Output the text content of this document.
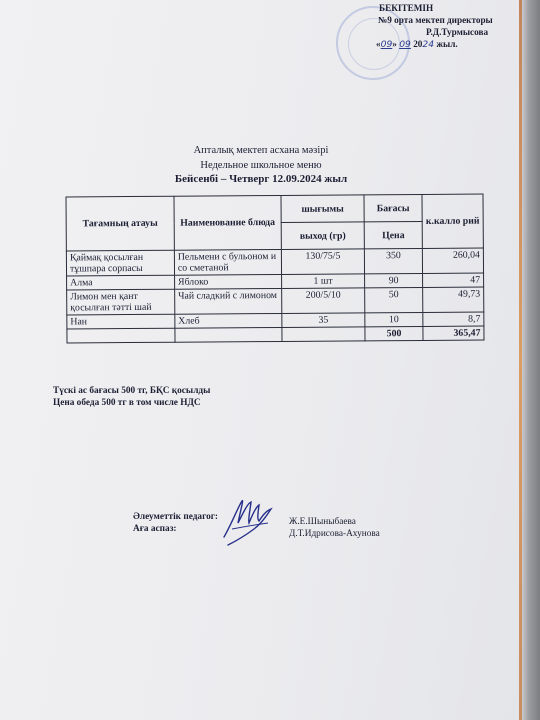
БЕКІТЕМІН
№9 орта мектеп директоры
Р.Д.Турмысова
«09» 09 2024 жыл.
Апталық мектеп асхана мәзірі
Недельное школьное меню
Бейсенбі – Четверг 12.09.2024 жыл
Тағамның атауы	Наименование блюда	шығымы	Бағасы	к.калло рий
		выход (гр)	Цена	
Қаймақ қосылған тұшпара сорпасы	Пельмени с бульоном и со сметаной	130/75/5	350	260,04
Алма	Яблоко	1 шт	90	47
Лимон мен қант қосылған тәтті шай	Чай сладкий с лимоном	200/5/10	50	49,73
Нан	Хлеб	35	10	8,7
			500	365,47
Түскі ас бағасы 500 тг, БҚС қосылды
Цена обеда 500 тг в том числе НДС
Әлеуметтік педагог:
Аға аспаз:
Ж.Е.Шыныбаева
Д.Т.Идрисова-Ахунова
